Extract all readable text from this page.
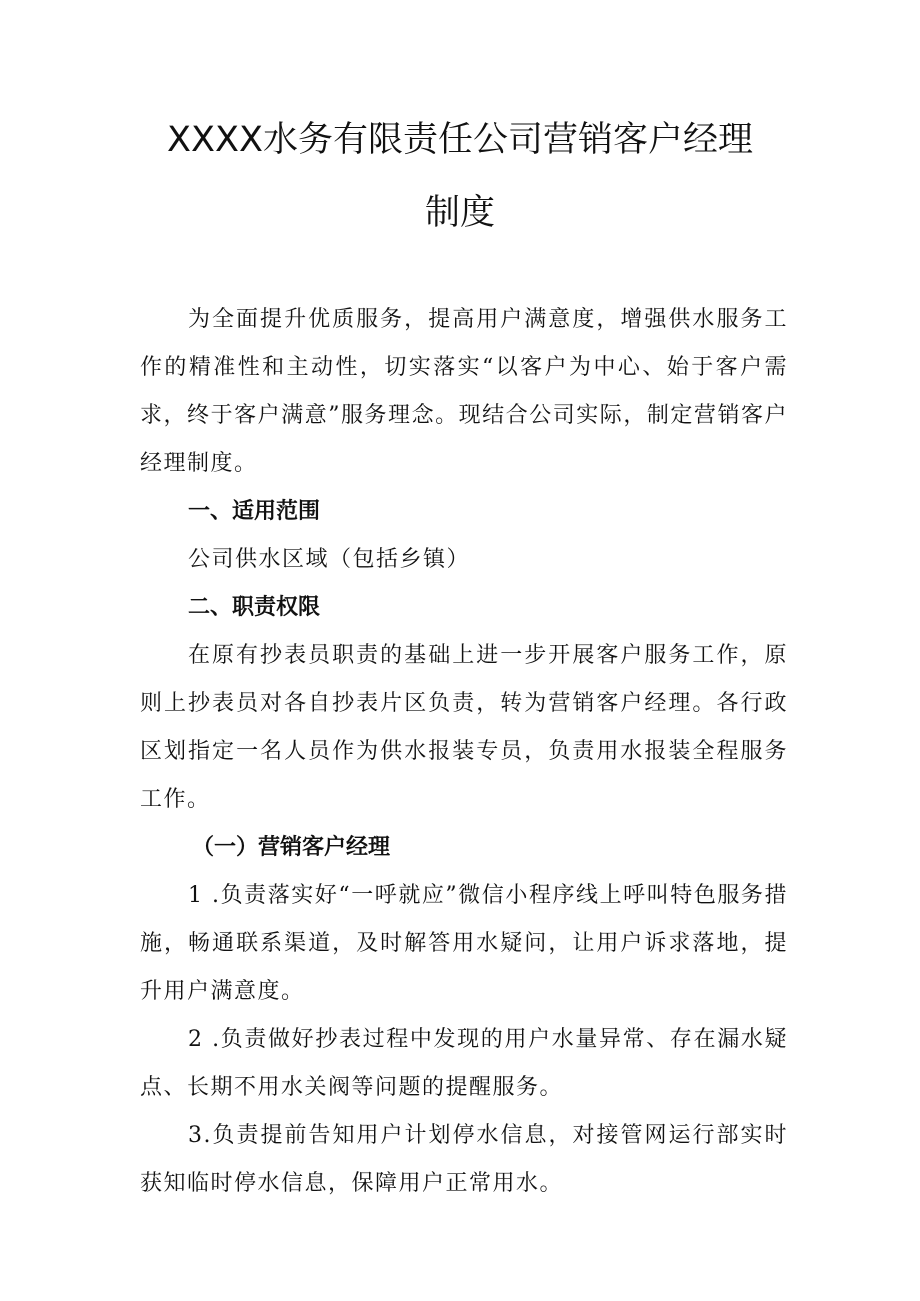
XXXX水务有限责任公司营销客户经理
制度

为全面提升优质服务，提高用户满意度，增强供水服务工作的精准性和主动性，切实落实“以客户为中心、始于客户需求，终于客户满意”服务理念。现结合公司实际，制定营销客户经理制度。

一、适用范围

公司供水区域（包括乡镇）

二、职责权限

在原有抄表员职责的基础上进一步开展客户服务工作，原则上抄表员对各自抄表片区负责，转为营销客户经理。各行政区划指定一名人员作为供水报装专员，负责用水报装全程服务工作。

（一）营销客户经理

1 .负责落实好“一呼就应”微信小程序线上呼叫特色服务措施，畅通联系渠道，及时解答用水疑问，让用户诉求落地，提升用户满意度。

2 .负责做好抄表过程中发现的用户水量异常、存在漏水疑点、长期不用水关阀等问题的提醒服务。

3.负责提前告知用户计划停水信息，对接管网运行部实时获知临时停水信息，保障用户正常用水。
